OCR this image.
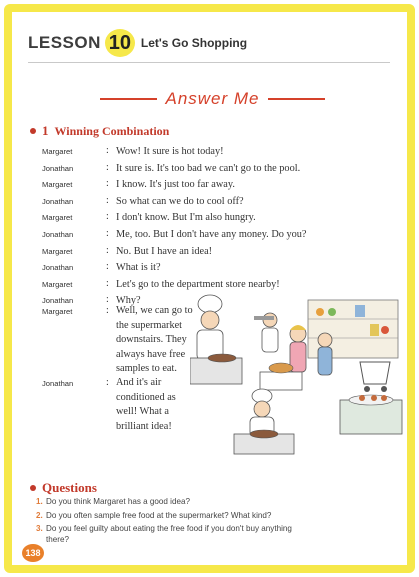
LESSON 10 Let's Go Shopping
Answer Me
1 Winning Combination
Margaret	: Wow! It sure is hot today!
Jonathan	: It sure is. It's too bad we can't go to the pool.
Margaret	: I know. It's just too far away.
Jonathan	: So what can we do to cool off?
Margaret	: I don't know. But I'm also hungry.
Jonathan	: Me, too. But I don't have any money. Do you?
Margaret	: No. But I have an idea!
Jonathan	: What is it?
Margaret	: Let's go to the department store nearby!
Jonathan	: Why?
Margaret	: Well, we can go to
the supermarket
downstairs. They
always have free
samples to eat.
Jonathan	: And it's air
conditioned as
well! What a
brilliant idea!
Questions
1. Do you think Margaret has a good idea?
2. Do you often sample free food at the supermarket? What kind?
3. Do you feel guilty about eating the free food if you don't buy anything
there?
138
